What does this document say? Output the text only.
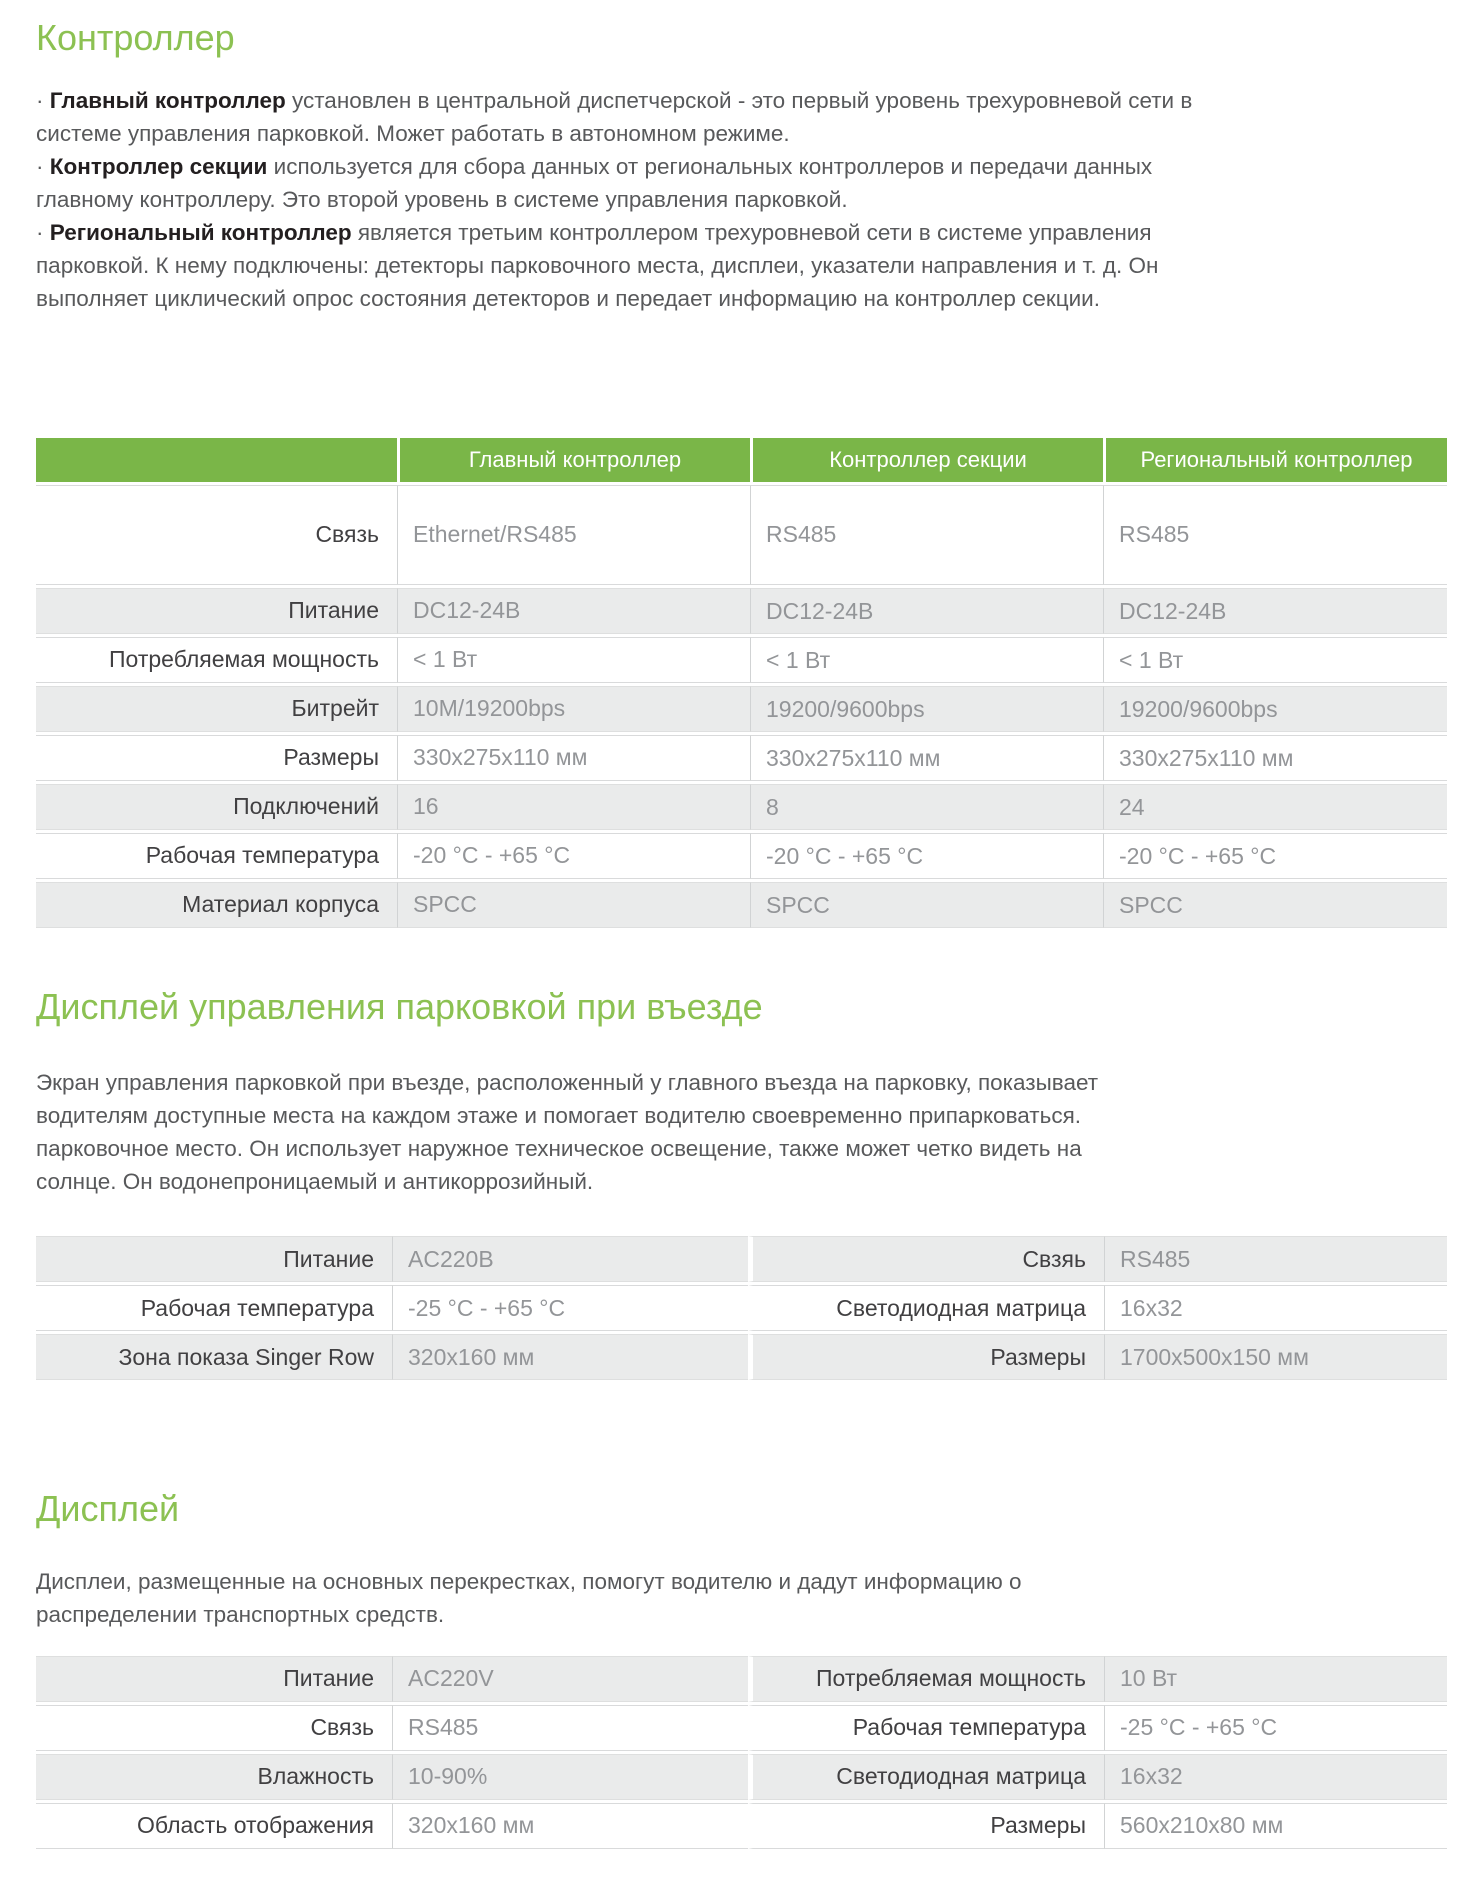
Контроллер

· Главный контроллер установлен в центральной диспетчерской - это первый уровень трехуровневой сети в системе управления парковкой. Может работать в автономном режиме.

· Контроллер секции используется для сбора данных от региональных контроллеров и передачи данных главному контроллеру. Это второй уровень в системе управления парковкой.

· Региональный контроллер является третьим контроллером трехуровневой сети в системе управления парковкой. К нему подключены: детекторы парковочного места, дисплеи, указатели направления и т. д. Он выполняет циклический опрос состояния детекторов и передает информацию на контроллер секции.

	Главный контроллер	Контроллер секции	Региональный контроллер
Связь	Ethernet/RS485	RS485	RS485
Питание	DC12-24B	DC12-24B	DC12-24B
Потребляемая мощность	< 1 Вт	< 1 Вт	< 1 Вт
Битрейт	10M/19200bps	19200/9600bps	19200/9600bps
Размеры	330x275x110 мм	330x275x110 мм	330x275x110 мм
Подключений	16	8	24
Рабочая температура	-20 °C - +65 °C	-20 °C - +65 °C	-20 °C - +65 °C
Материал корпуса	SPCC	SPCC	SPCC
Дисплей управления парковкой при въезде

Экран управления парковкой при въезде, расположенный у главного въезда на парковку, показывает водителям доступные места на каждом этаже и помогает водителю своевременно припарковаться. парковочное место. Он использует наружное техническое освещение, также может четко видеть на солнце. Он водонепроницаемый и антикоррозийный.

Питание	AC220B	Свзяь	RS485
Рабочая температура	-25 °C - +65 °C	Светодиодная матрица	16x32
Зона показа Singer Row	320x160 мм	Размеры	1700x500x150 мм
Дисплей

Дисплеи, размещенные на основных перекрестках, помогут водителю и дадут информацию о распределении транспортных средств.

Питание	AC220V	Потребляемая мощность	10 Вт
Связь	RS485	Рабочая температура	-25 °C - +65 °C
Влажность	10-90%	Светодиодная матрица	16x32
Область отображения	320x160 мм	Размеры	560x210x80 мм
